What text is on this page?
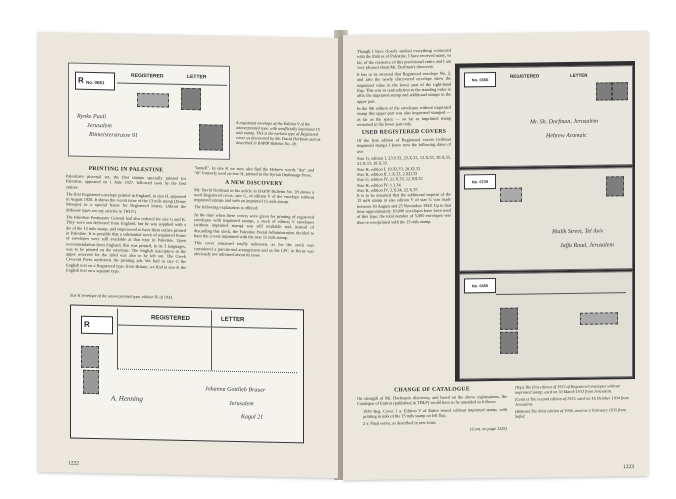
R No. 0661
REGISTERED	LETTER
Rynke Pauli
Jerusalem
Ritmeisterstrasse 91
A registered envelope of the Edition V of the unoverprinted type, with unofficially imprinted 15 mils stamp. This is the earliest type of Registered cover as discovered by Mr. David Dorfman and as described in BAPIP Bulletin No. 28.
PRINTING IN PALESTINE

Palestine's pictorial set, the first stamps specially printed for Palestine, appeared on 1 June 1927, followed soon by the first entires.

The first Registered envelope printed in England, in size H, appeared in August 1928. It shows the recent issue of the 13 mils stamp (Dome Mosque) in a special frame for Registered letters. (About the different types see my articles in THLP.)

The Palestine Postmaster General had also ordered for size G and K. They were not delivered from England, but he was supplied with a die of the 13 mils stamp, and empowered to have them entires printed in Palestine. It is possible that a substantial stock of unprinted forms of envelopes were still available at that time in Palestine. Upon recommendation from England, this was printed, in its 3 languages, was to be printed on the envelope. The English inscription in the upper reserved for the label was also to be left out. The Greek Crescent Press undertook the printing job. We find in size G the English text on a Registered type, from Britain, we find in size K the English text on a separate type.

"lanuell". In size K we now also find the Hebrew words "dar" and "dr" formerly used on size H, printed in the Syrian Orphanage Press.

A NEW DISCOVERY

Mr. David Dorfman in his article in BAPIP Bulletin No. 28 shows a used Registered cover, size G, of edition V of the envelope without imprinted stamps and with an imprinted 15 mils stamp.

The following explanation is offered:

At the time when these covers were given for printing of registered envelopes with imprinted stamps, a stock of edition V envelopes (without imprinted stamp) was still available and, instead of discarding this stock, the Palestine Postal Administration decided to have the covers imprinted with the new 15 mils stamp.

This cover remained totally unknown, as for the stock was considered a provisional arrangement and as the CPC in Berne was obviously not informed about its issue.

Size K envelope of the unoverprinted type, edition IV of 1933.
R
REGISTERED	LETTER
A. Henning
Johanna Gottlieb Brauer
Jerusalem
Kagal 21
1222

Though I have closely studied everything connected with the Entires of Palestine, I have received many, so far, of the existence of this provisional entire and I am very pleased about Mr. Dorfman's discovery.

It has to be stressed that Registered envelope No. 2, and also the newly discovered envelope show the imprinted value in the lower part of the right-hand flap. This was in contradiction to the standing order to affix the imprinted stamp and additional stamps in the upper part.

In the 9th edition of the envelopes without imprinted stamp this upper part was also impressed stamped — as far as the space — so far as imprinted stamp remained in the lower part only.

USED REGISTERED COVERS

Of the first edition of Registered covers (without imprinted stamp) I know now the following dates of use:

Size G, edition I, 23.9.33, 23.X.33, 13.X.33, 30.X.33, 21.X.33, 18.X.33

Size H, edition I, 19.XI.33, 28.XI.33

Size K, edition II, 1.X.33, 2.XII.33

Size G, edition IV, 21.X.33, 12.XII.33

Size H, edition IV, 1.1.34

Size K, edition IV, 3.X.34, 22.X.35

It is to be assumed that the additional imprint of the 15 mils stamp in size edition V of size G was made between 30 August and 25 November 1928. Up to that time approximately 10,000 envelopes have been used of this type; the total number of 5,000 envelopes was then re-overprinted with the 13 mils stamp.

No. 0366
REGISTERED	LETTER
Mr. Sh. Dorfman, Jerusalem
Hebrew Aramaic
No. 0739
Bialik Street, Tel Aviv
Jaffa Road, Jerusalem
No. 0455
CHANGE OF CATALOGUE

On strength of Mr. Dorfman's discovery, and based on the above explanations, the Catalogue of Entires (published in THLP) would have to be amended as follows:

1930 Reg. Cover 1 a: Edition V of Entire issued without imprinted stamp, with printing in inks of the 15 mils stamp on left flap.

2 a: Final series, as described in new form.

(Cont. on page 1225)

(Top) The first edition of 1933 of Registered envelopes without imprinted stamp, used on 30 March 1933 from Jerusalem.

(Centre) The second edition of 1933, used on 16 October 1934 from Jerusalem.

(Bottom) The third edition of 1936, used on 2 February 1935 from Safed.

1223
